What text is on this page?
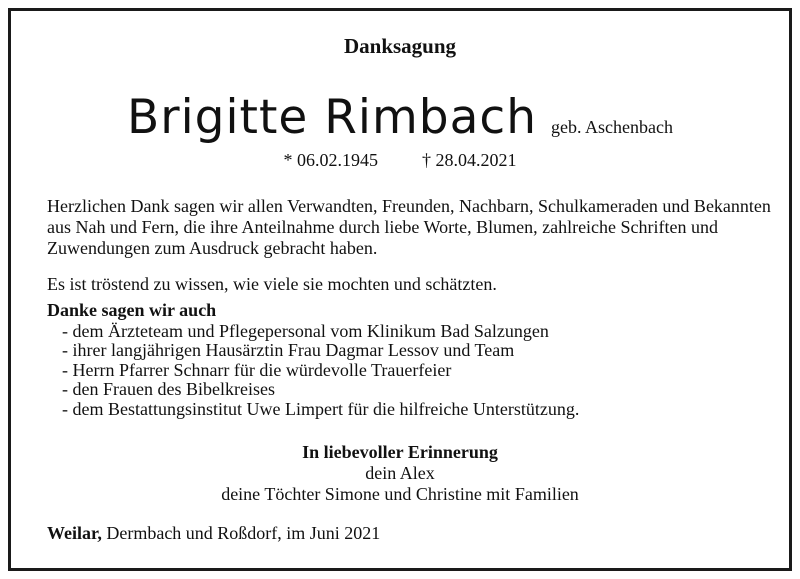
Danksagung
Brigitte Rimbach geb. Aschenbach
* 06.02.1945 † 28.04.2021
Herzlichen Dank sagen wir allen Verwandten, Freunden, Nachbarn, Schulkameraden und Bekannten aus Nah und Fern, die ihre Anteilnahme durch liebe Worte, Blumen, zahlreiche Schriften und Zuwendungen zum Ausdruck gebracht haben.
Es ist tröstend zu wissen, wie viele sie mochten und schätzten.
Danke sagen wir auch
- dem Ärzteteam und Pflegepersonal vom Klinikum Bad Salzungen
- ihrer langjährigen Hausärztin Frau Dagmar Lessov und Team
- Herrn Pfarrer Schnarr für die würdevolle Trauerfeier
- den Frauen des Bibelkreises
- dem Bestattungsinstitut Uwe Limpert für die hilfreiche Unterstützung.
In liebevoller Erinnerung
dein Alex
deine Töchter Simone und Christine mit Familien
Weilar, Dermbach und Roßdorf, im Juni 2021
